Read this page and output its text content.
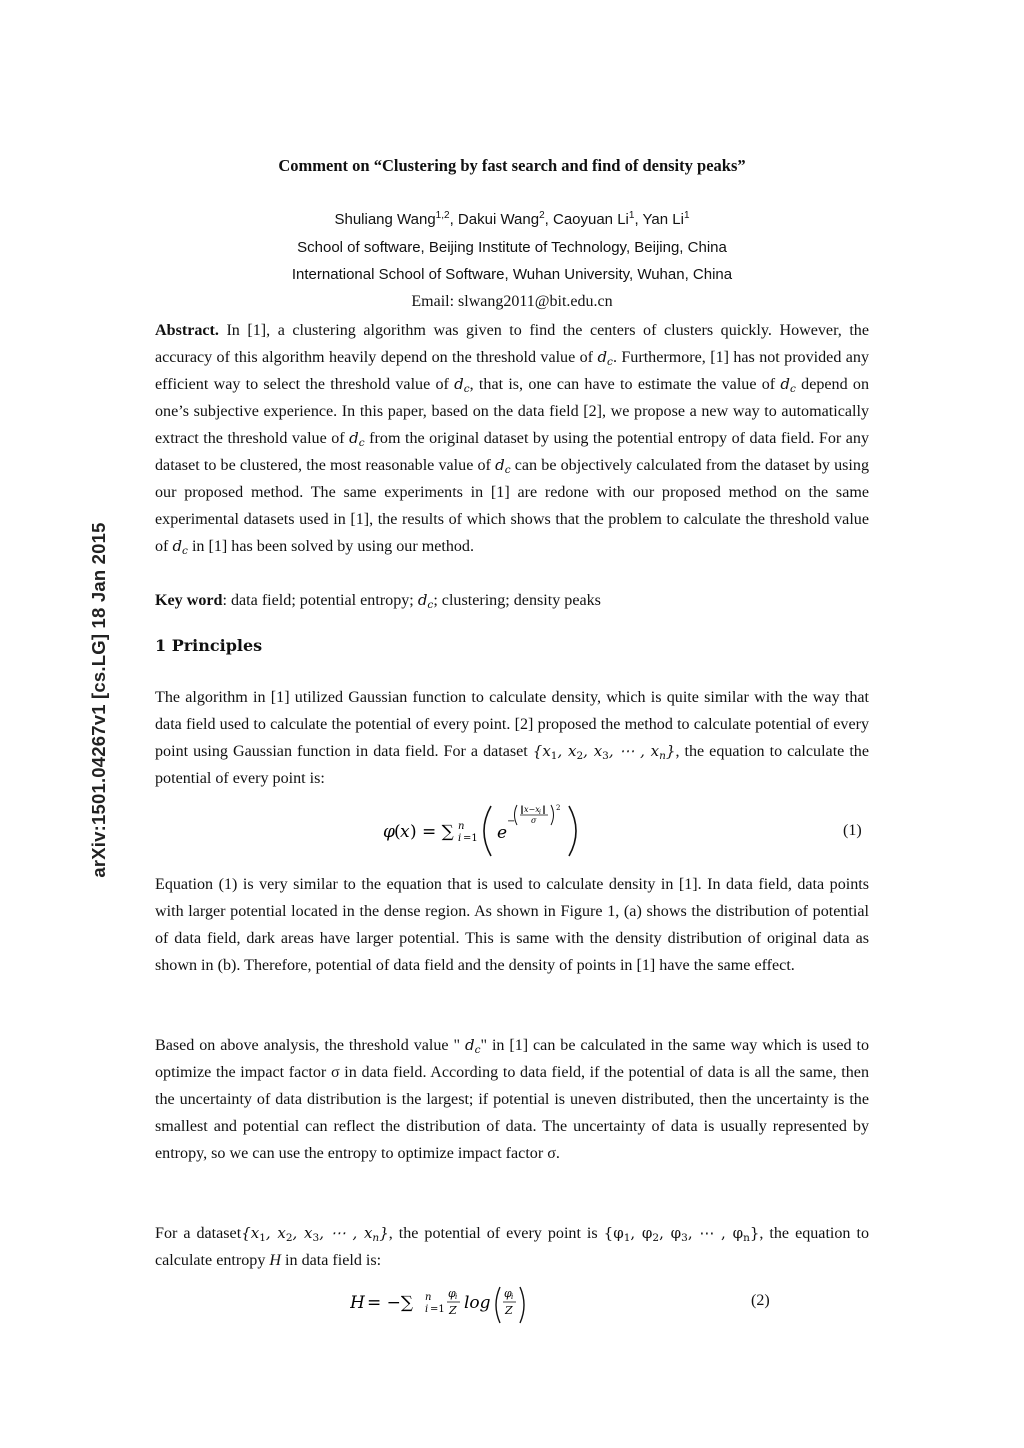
arXiv:1501.04267v1 [cs.LG] 18 Jan 2015
Comment on “Clustering by fast search and find of density peaks”
Shuliang Wang$^{1,2}$, Dakui Wang$^2$, Caoyuan Li$^1$, Yan Li$^1$
School of software, Beijing Institute of Technology, Beijing, China
International School of Software, Wuhan University, Wuhan, China
Email: slwang2011@bit.edu.cn

Abstract. In [1], a clustering algorithm was given to find the centers of clusters quickly. However, the accuracy of this algorithm heavily depend on the threshold value of $d_c$. Furthermore, [1] has not provided any efficient way to select the threshold value of $d_c$, that is, one can have to estimate the value of $d_c$ depend on one’s subjective experience. In this paper, based on the data field [2], we propose a new way to automatically extract the threshold value of $d_c$ from the original dataset by using the potential entropy of data field. For any dataset to be clustered, the most reasonable value of $d_c$ can be objectively calculated from the dataset by using our proposed method. The same experiments in [1] are redone with our proposed method on the same experimental datasets used in [1], the results of which shows that the problem to calculate the threshold value of $d_c$ in [1] has been solved by using our method.

Key word: data field; potential entropy; $d_c$; clustering; density peaks

1 Principles

The algorithm in [1] utilized Gaussian function to calculate density, which is quite similar with the way that data field used to calculate the potential of every point. [2] proposed the method to calculate potential of every point using Gaussian function in data field. For a dataset {$x_1$, $x_2$, $x_3$, ⋯ , $x_n$}, the equation to calculate the potential of every point is:

φ ( x ) = ∑ n
i =1 e
−
‖ x−x i ‖
σ
2
(1)

Equation (1) is very similar to the equation that is used to calculate density in [1]. In data field, data points with larger potential located in the dense region. As shown in Figure 1, (a) shows the distribution of potential of data field, dark areas have larger potential. This is same with the density distribution of original data as shown in (b). Therefore, potential of data field and the density of points in [1] have the same effect.

Based on above analysis, the threshold value " $d_c$" in [1] can be calculated in the same way which is used to optimize the impact factor σ in data field. According to data field, if the potential of data is all the same, then the uncertainty of data distribution is the largest; if potential is uneven distributed, then the uncertainty is the smallest and potential can reflect the distribution of data. The uncertainty of data is usually represented by entropy, so we can use the entropy to optimize impact factor σ.

For a $dataset\{x_1$, $x_2$, $x_3$, ⋯ , $x_n$}, the potential of every point is {$\varphi_1$, $\varphi_2$, $\varphi_3$, ⋯ , $\varphi_n$}, the equation to calculate entropy H in data field is:

H = −∑ n
i =1
φ i
Z log φ i
Z
(2)
